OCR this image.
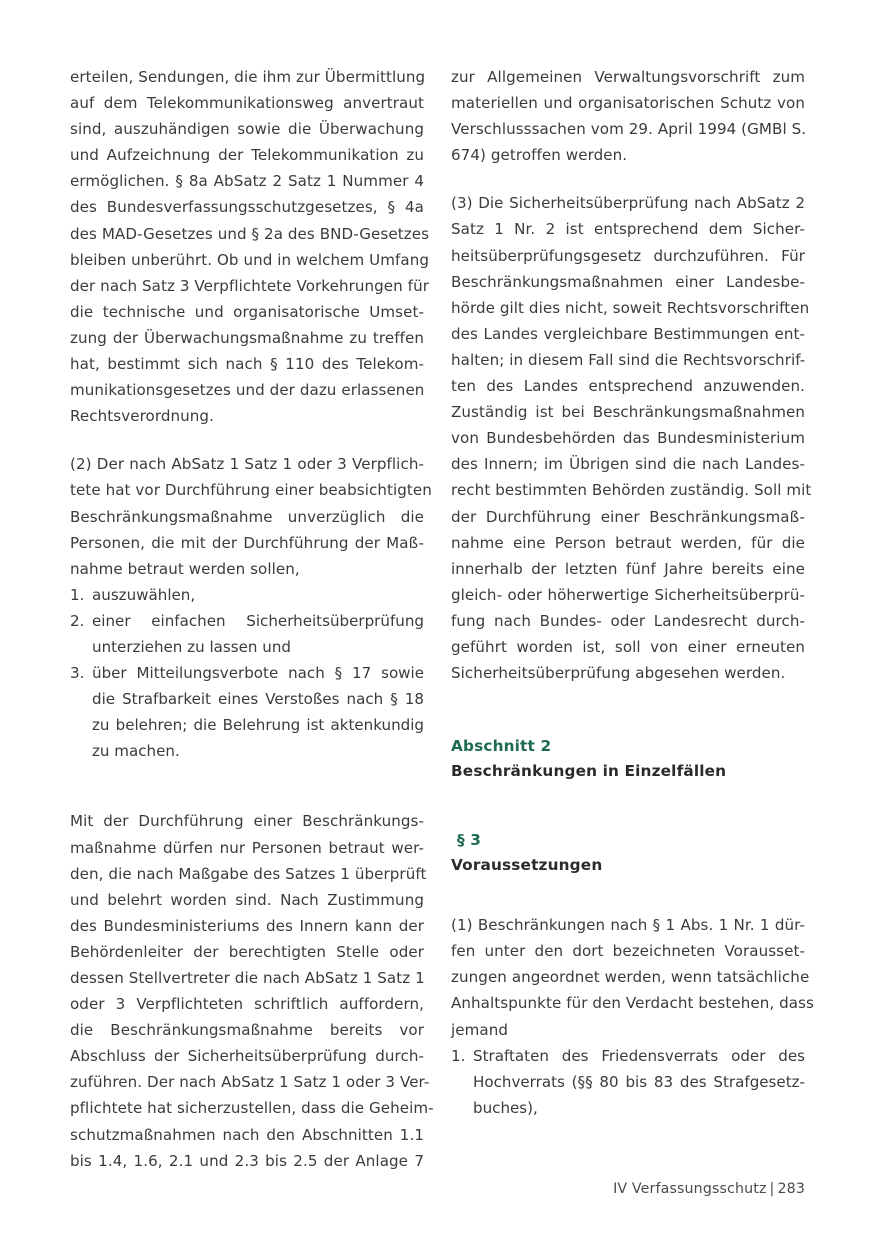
erteilen, Sendungen, die ihm zur Übermittlung
auf dem Telekommunikationsweg anvertraut
sind, auszuhändigen sowie die Überwachung
und Aufzeichnung der Telekommunikation zu
ermöglichen. § 8a AbSatz 2 Satz 1 Nummer 4
des Bundesverfassungsschutzgesetzes, § 4a
des MAD-Gesetzes und § 2a des BND-Gesetzes
bleiben unberührt. Ob und in welchem Umfang
der nach Satz 3 Verpflichtete Vorkehrungen für
die technische und organisatorische Umset-
zung der Überwachungsmaßnahme zu treffen
hat, bestimmt sich nach § 110 des Telekom-
munikationsgesetzes und der dazu erlassenen
Rechtsverordnung.

(2) Der nach AbSatz 1 Satz 1 oder 3 Verpflich-
tete hat vor Durchführung einer beabsichtigten
Beschränkungsmaßnahme unverzüglich die
Personen, die mit der Durchführung der Maß-
nahme betraut werden sollen,

1. auszuwählen,
2. einer einfachen Sicherheitsüberprüfung
unterziehen zu lassen und
3. über Mitteilungsverbote nach § 17 sowie
die Strafbarkeit eines Verstoßes nach § 18
zu belehren; die Belehrung ist aktenkundig
zu machen.

Mit der Durchführung einer Beschränkungs-
maßnahme dürfen nur Personen betraut wer-
den, die nach Maßgabe des Satzes 1 überprüft
und belehrt worden sind. Nach Zustimmung
des Bundesministeriums des Innern kann der
Behördenleiter der berechtigten Stelle oder
dessen Stellvertreter die nach AbSatz 1 Satz 1
oder 3 Verpflichteten schriftlich auffordern,
die Beschränkungsmaßnahme bereits vor
Abschluss der Sicherheitsüberprüfung durch-
zuführen. Der nach AbSatz 1 Satz 1 oder 3 Ver-
pflichtete hat sicherzustellen, dass die Geheim-
schutzmaßnahmen nach den Abschnitten 1.1
bis 1.4, 1.6, 2.1 und 2.3 bis 2.5 der Anlage 7

zur Allgemeinen Verwaltungsvorschrift zum
materiellen und organisatorischen Schutz von
Verschlusssachen vom 29. April 1994 (GMBl S.
674) getroffen werden.

(3) Die Sicherheitsüberprüfung nach AbSatz 2
Satz 1 Nr. 2 ist entsprechend dem Sicher-
heitsüberprüfungsgesetz durchzuführen. Für
Beschränkungsmaßnahmen einer Landesbe-
hörde gilt dies nicht, soweit Rechtsvorschriften
des Landes vergleichbare Bestimmungen ent-
halten; in diesem Fall sind die Rechtsvorschrif-
ten des Landes entsprechend anzuwenden.
Zuständig ist bei Beschränkungsmaßnahmen
von Bundesbehörden das Bundesministerium
des Innern; im Übrigen sind die nach Landes-
recht bestimmten Behörden zuständig. Soll mit
der Durchführung einer Beschränkungsmaß-
nahme eine Person betraut werden, für die
innerhalb der letzten fünf Jahre bereits eine
gleich- oder höherwertige Sicherheitsüberprü-
fung nach Bundes- oder Landesrecht durch-
geführt worden ist, soll von einer erneuten
Sicherheitsüberprüfung abgesehen werden.

Abschnitt 2
Beschränkungen in Einzelfällen
§ 3
Voraussetzungen

(1) Beschränkungen nach § 1 Abs. 1 Nr. 1 dür-
fen unter den dort bezeichneten Vorausset-
zungen angeordnet werden, wenn tatsächliche
Anhaltspunkte für den Verdacht bestehen, dass
jemand

1. Straftaten des Friedensverrats oder des
Hochverrats (§§ 80 bis 83 des Strafgesetz-
buches),
IV Verfassungsschutz | 283
